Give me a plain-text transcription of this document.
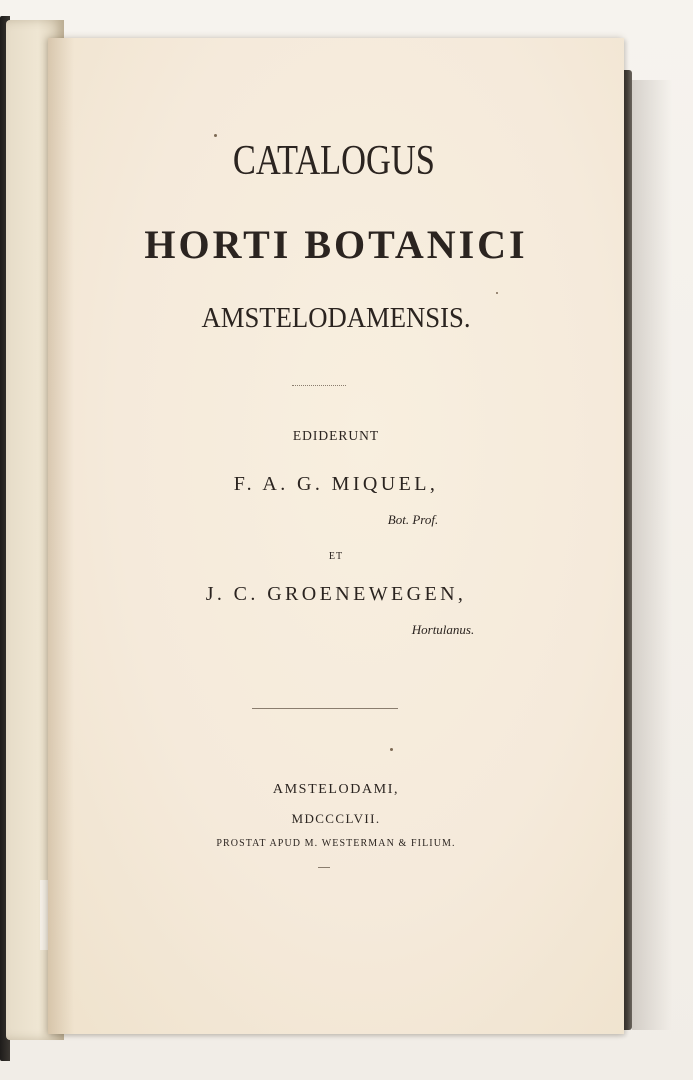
CATALOGUS

HORTI BOTANICI

AMSTELODAMENSIS.

EDIDERUNT

F. A. G. MIQUEL,

Bot. Prof.

ET

J. C. GROENEWEGEN,

Hortulanus.

AMSTELODAMI,

MDCCCLVII.

PROSTAT APUD M. WESTERMAN & FILIUM.
